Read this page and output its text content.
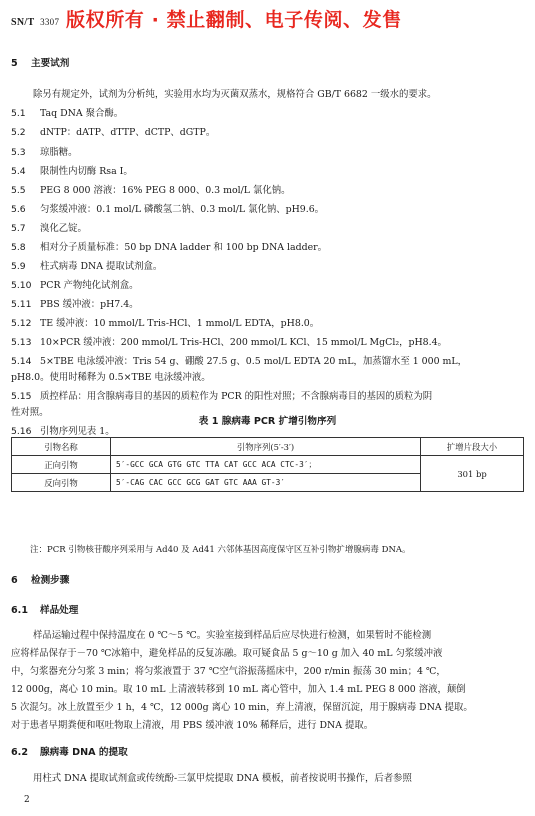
SN/T 3307 版权所有 · 禁止翻制、电子传阅、发售
5 主要试剂
除另有规定外，试剂为分析纯，实验用水均为灭菌双蒸水，规格符合 GB/T 6682 一级水的要求。
5.1 Taq DNA 聚合酶。
5.2 dNTP：dATP、dTTP、dCTP、dGTP。
5.3 琼脂糖。
5.4 限制性内切酶 Rsa I。
5.5 PEG 8 000 溶液：16% PEG 8 000、0.3 mol/L 氯化钠。
5.6 匀浆缓冲液：0.1 mol/L 磷酸氢二钠、0.3 mol/L 氯化钠、pH9.6。
5.7 溴化乙锭。
5.8 相对分子质量标准：50 bp DNA ladder 和 100 bp DNA ladder。
5.9 柱式病毒 DNA 提取试剂盒。
5.10 PCR 产物纯化试剂盒。
5.11 PBS 缓冲液：pH7.4。
5.12 TE 缓冲液：10 mmol/L Tris-HCl、1 mmol/L EDTA，pH8.0。
5.13 10×PCR 缓冲液：200 mmol/L Tris-HCl、200 mmol/L KCl、15 mmol/L MgCl₂，pH8.4。
5.14 5×TBE 电泳缓冲液：Tris 54 g、硼酸 27.5 g、0.5 mol/L EDTA 20 mL，加蒸馏水至 1 000 mL，
pH8.0。使用时稀释为 0.5×TBE 电泳缓冲液。
5.15 质控样品：用含腺病毒目的基因的质粒作为 PCR 的阳性对照；不含腺病毒目的基因的质粒为阴
性对照。
5.16 引物序列见表 1。
表 1 腺病毒 PCR 扩增引物序列
引物名称	引物序列(5′-3′)	扩增片段大小
正向引物	5′-GCC GCA GTG GTC TTA CAT GCC ACA CTC-3′；	301 bp
反向引物	5′-CAG CAC GCC GCG GAT GTC AAA GT-3′	
注：PCR 引物核苷酸序列采用与 Ad40 及 Ad41 六邻体基因高度保守区互补引物扩增腺病毒 DNA。
6 检测步骤
6.1 样品处理
样品运输过程中保持温度在 0 ℃～5 ℃。实验室接到样品后应尽快进行检测，如果暂时不能检测
应将样品保存于－70 ℃冰箱中，避免样品的反复冻融。取可疑食品 5 g～10 g 加入 40 mL 匀浆缓冲液
中，匀浆器充分匀浆 3 min；将匀浆液置于 37 ℃空气浴振荡摇床中，200 r/min 振荡 30 min；4 ℃，
12 000g，离心 10 min。取 10 mL 上清液转移到 10 mL 离心管中，加入 1.4 mL PEG 8 000 溶液，颠倒
5 次混匀。冰上放置至少 1 h，4 ℃，12 000g 离心 10 min，弃上清液，保留沉淀，用于腺病毒 DNA 提取。
对于患者早期粪便和呕吐物取上清液，用 PBS 缓冲液 10% 稀释后，进行 DNA 提取。
6.2 腺病毒 DNA 的提取
用柱式 DNA 提取试剂盒或传统酚-三氯甲烷提取 DNA 模板，前者按说明书操作，后者参照
2
